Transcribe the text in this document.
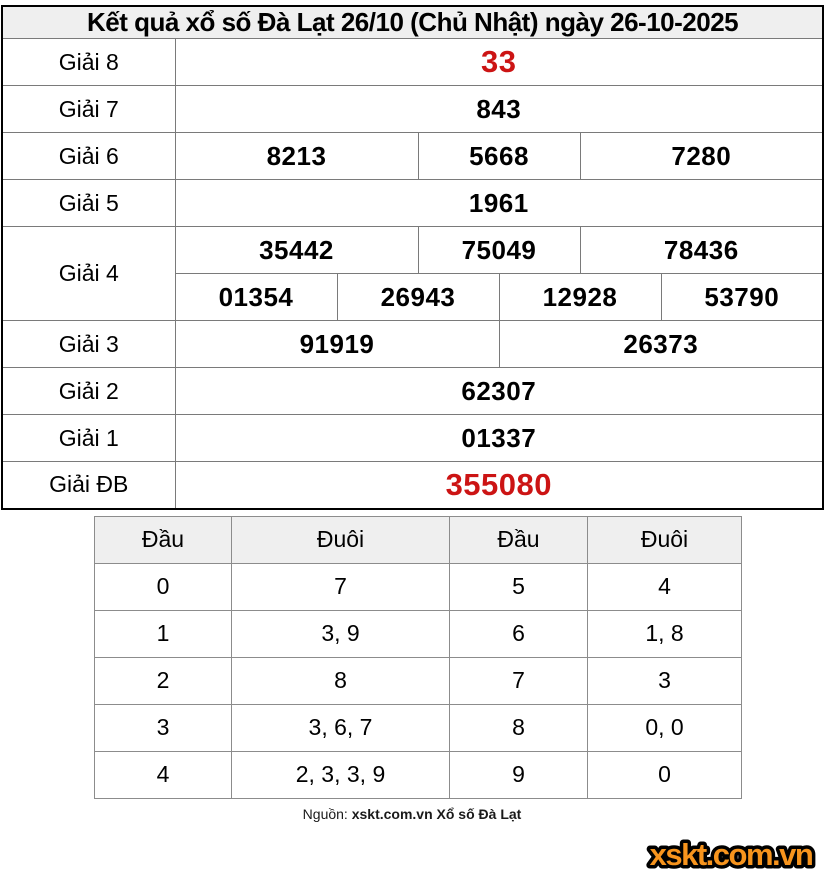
Kết quả xổ số Đà Lạt 26/10 (Chủ Nhật) ngày 26-10-2025						
Giải 8	33					
Giải 7	843					
Giải 6	8213		5668		7280	
Giải 5	1961					
Giải 4	35442		75049		78436	
	01354	26943		12928		53790
Giải 3	91919			26373		
Giải 2	62307					
Giải 1	01337					
Giải ĐB	355080					
Đầu	Đuôi	Đầu	Đuôi
0	7	5	4
1	3, 9	6	1, 8
2	8	7	3
3	3, 6, 7	8	0, 0
4	2, 3, 3, 9	9	0
Nguồn: xskt.com.vn Xổ số Đà Lạt
xskt.com.vn
